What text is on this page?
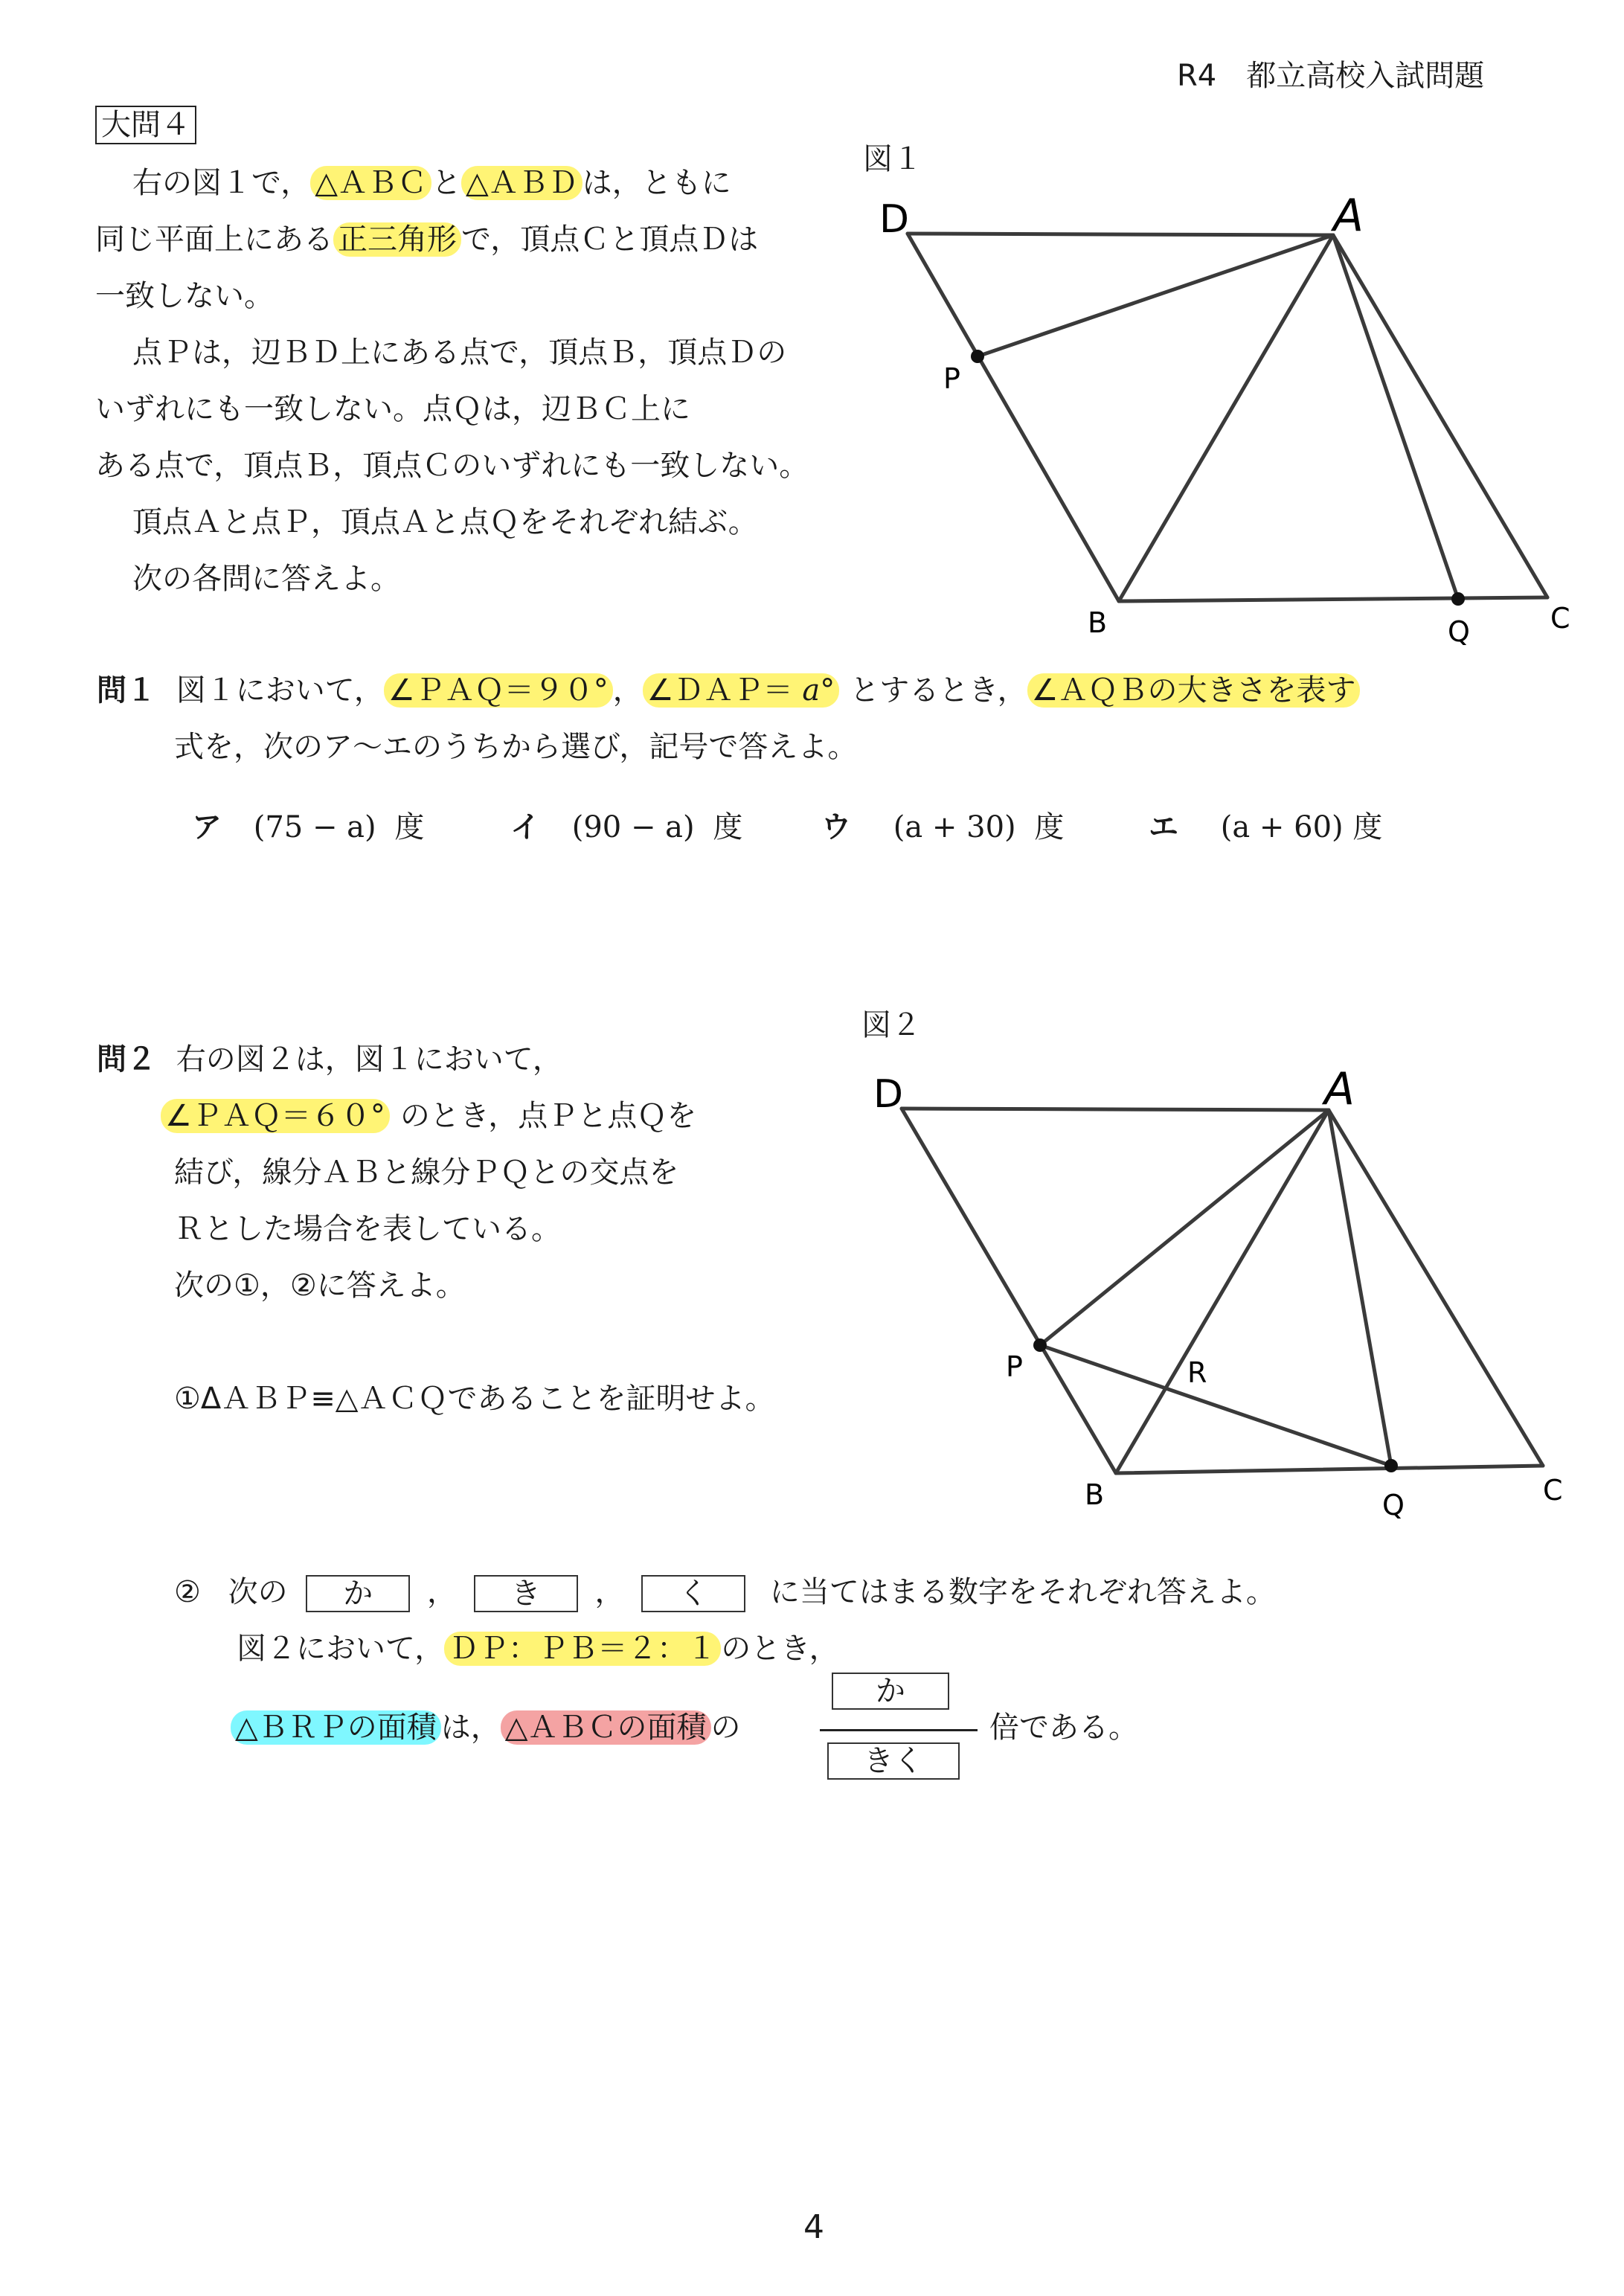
R4　都立高校入試問題
大問４
右の図１で， △ＡＢＣ と △ＡＢＤ は，ともに
同じ平面上にある 正三角形 で，頂点Ｃと頂点Ｄは
一致しない。
点Ｐは，辺ＢＤ上にある点で，頂点Ｂ，頂点Ｄの
いずれにも一致しない。点Ｑは，辺ＢＣ上に
ある点で，頂点Ｂ，頂点Ｃのいずれにも一致しない。
頂点Ａと点Ｐ，頂点Ａと点Ｑをそれぞれ結ぶ。
次の各問に答えよ。
図１
D	A
P
B	Q	C
問１ 図１において， ∠ＰＡＱ＝９０° ， ∠ＤＡＰ＝ a° とするとき， ∠ＡＱＢの大きさを表す
式を，次のア～エのうちから選び，記号で答えよ。
ア (75 − a) 度	イ (90 − a) 度	ウ (a + 30) 度	エ (a + 60) 度
図２
D	A
P	R
B	Q	C
問２ 右の図２は，図１において，
∠ＰＡＱ＝６０° のとき，点Ｐと点Ｑを
結び，線分ＡＢと線分ＰＱとの交点を
Ｒとした場合を表している。
次の①，②に答えよ。
①ΔＡＢＰ≡△ＡＣＱであることを証明せよ。
② 次の か ， き ， く に当てはまる数字をそれぞれ答えよ。
図２において， ＤＰ：ＰＢ＝２：１ のとき，
△ＢＲＰの面積 は， △ＡＢＣの面積 の
か
きく
倍である。
4
